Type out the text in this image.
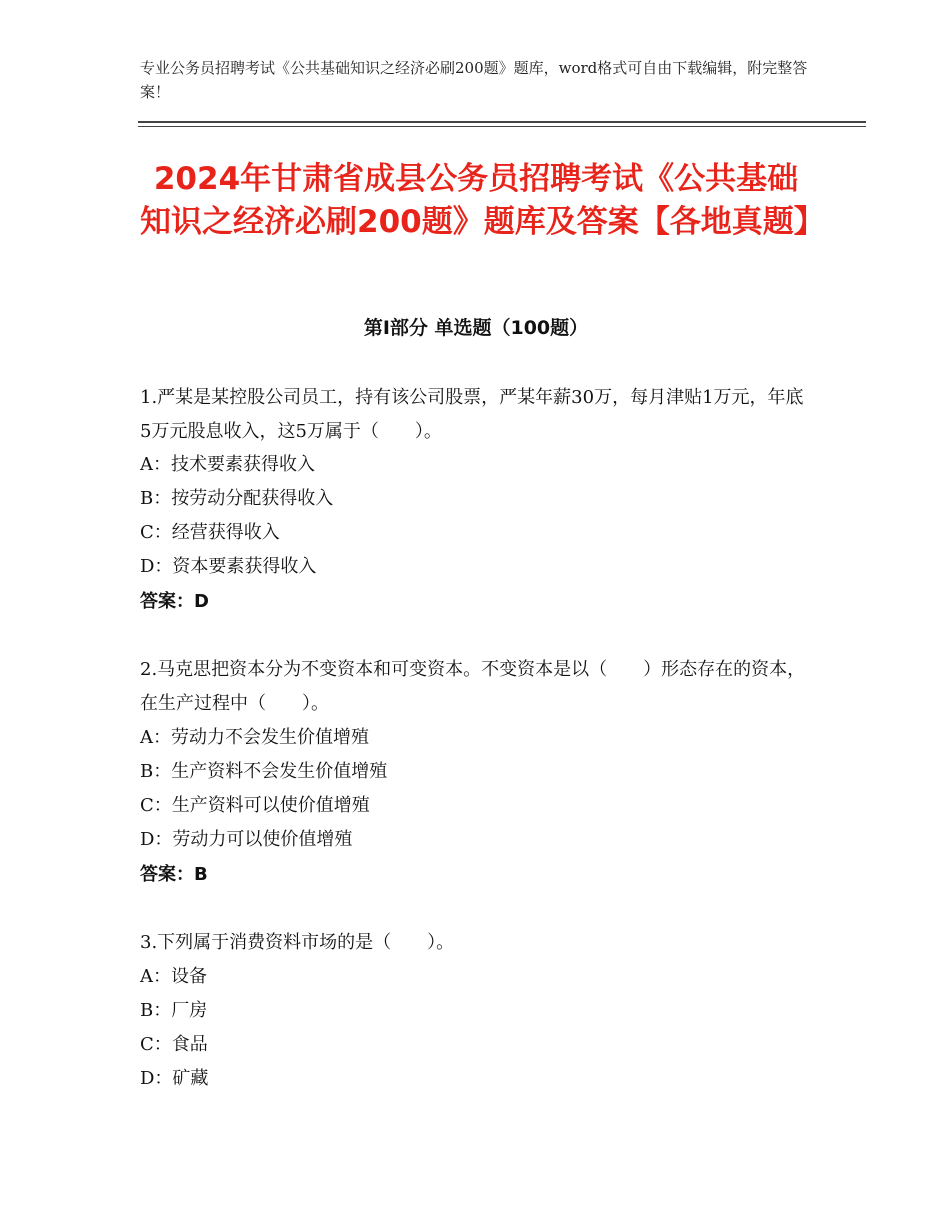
专业公务员招聘考试《公共基础知识之经济必刷200题》题库，word格式可自由下载编辑，附完整答案！
2024年甘肃省成县公务员招聘考试《公共基础知识之经济必刷200题》题库及答案【各地真题】
第I部分 单选题（100题）
1.严某是某控股公司员工，持有该公司股票，严某年薪30万，每月津贴1万元，年底5万元股息收入，这5万属于（　　）。
A：技术要素获得收入
B：按劳动分配获得收入
C：经营获得收入
D：资本要素获得收入
答案：D
2.马克思把资本分为不变资本和可变资本。不变资本是以（　　）形态存在的资本，在生产过程中（　　）。
A：劳动力不会发生价值增殖
B：生产资料不会发生价值增殖
C：生产资料可以使价值增殖
D：劳动力可以使价值增殖
答案：B
3.下列属于消费资料市场的是（　　）。
A：设备
B：厂房
C：食品
D：矿藏
